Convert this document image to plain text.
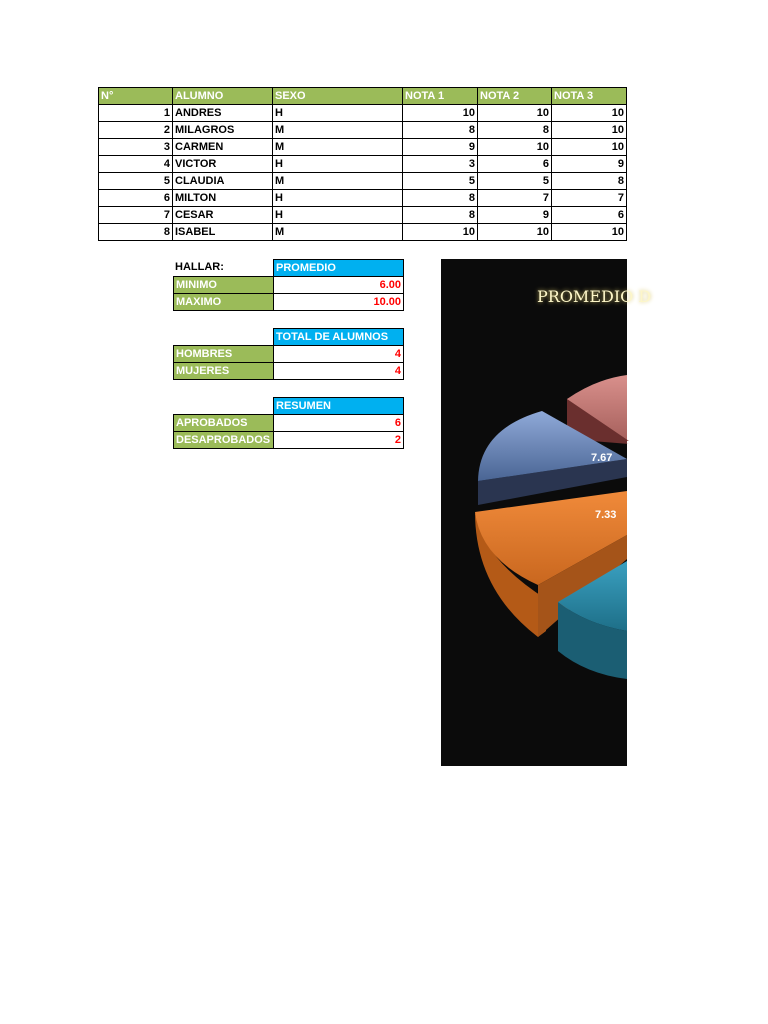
N°	ALUMNO	SEXO	NOTA 1	NOTA 2	NOTA 3
1	ANDRES	H	10	10	10
2	MILAGROS	M	8	8	10
3	CARMEN	M	9	10	10
4	VICTOR	H	3	6	9
5	CLAUDIA	M	5	5	8
6	MILTON	H	8	7	7
7	CESAR	H	8	9	6
8	ISABEL	M	10	10	10
HALLAR:
		PROMEDIO
MINIMO	6.00
MAXIMO	10.00
	TOTAL DE ALUMNOS
HOMBRES	4
MUJERES	4
	RESUMEN
APROBADOS	6
DESAPROBADOS	2
PROMEDIO D
7.67
7.33
